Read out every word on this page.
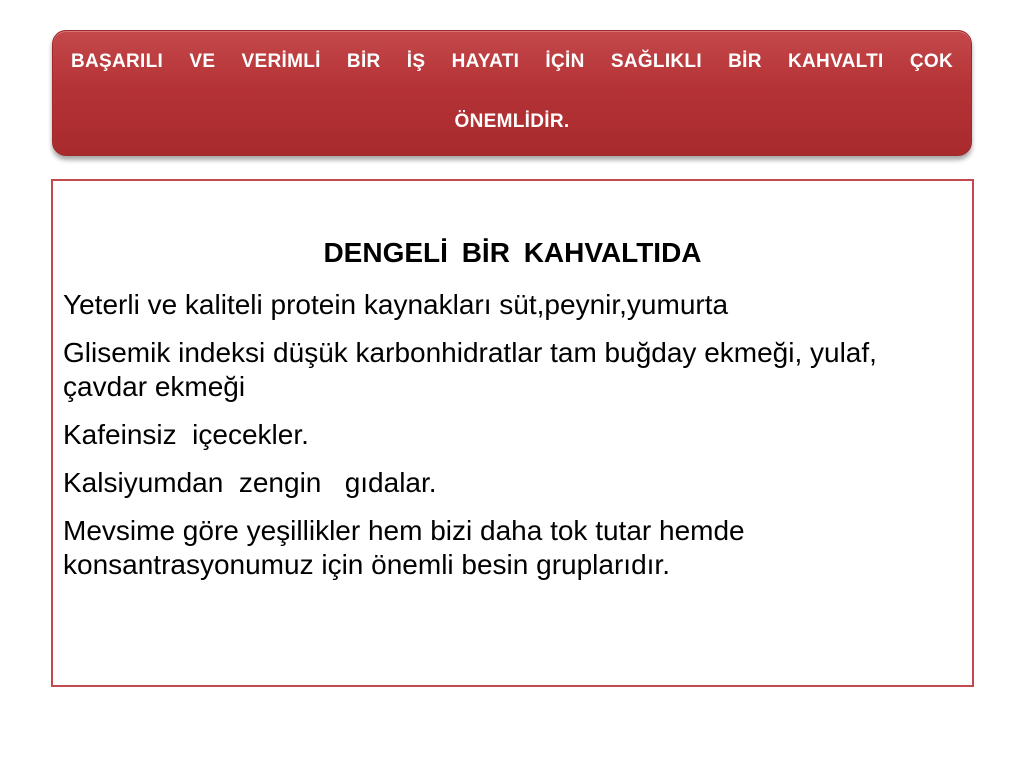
BAŞARILI VE VERİMLİ BİR İŞ HAYATI İÇİN SAĞLIKLI BİR KAHVALTI ÇOK
ÖNEMLİDİR.
DENGELİ BİR KAHVALTIDA
Yeterli ve kaliteli protein kaynakları süt,peynir,yumurta
Glisemik indeksi düşük karbonhidratlar tam buğday ekmeği, yulaf, çavdar ekmeği
Kafeinsiz  içecekler.
Kalsiyumdan  zengin   gıdalar.
Mevsime göre yeşillikler hem bizi daha tok tutar hemde konsantrasyonumuz için önemli besin gruplarıdır.
